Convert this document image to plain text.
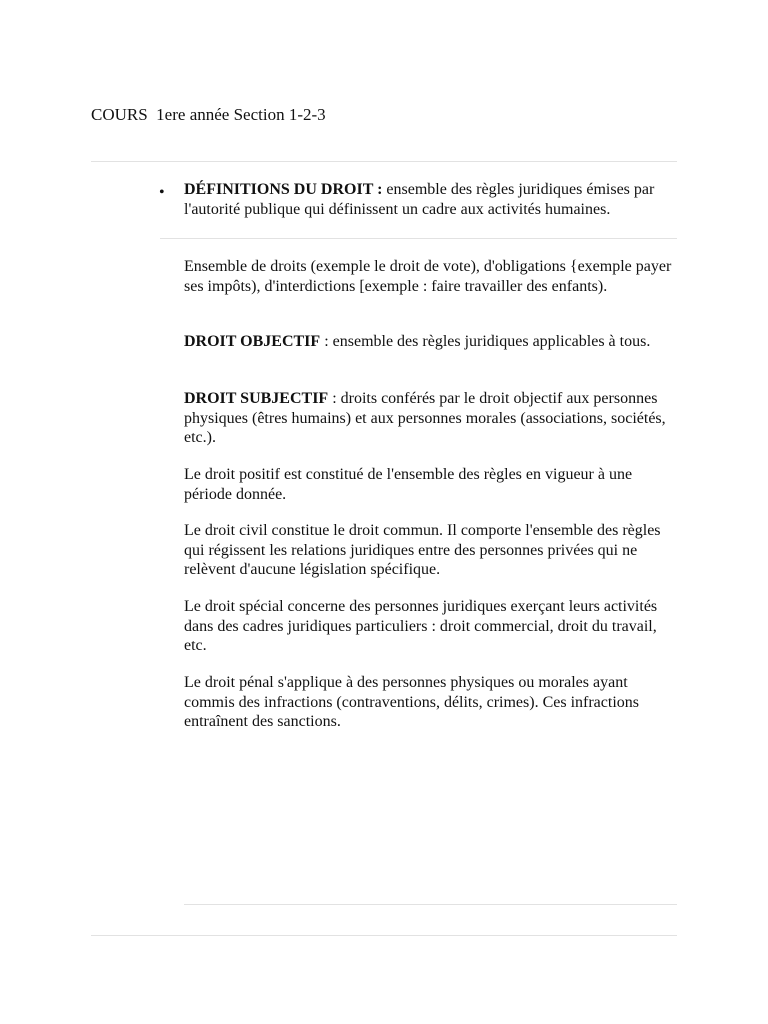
COURS  1ere année Section 1-2-3
• DÉFINITIONS DU DROIT : ensemble des règles juridiques émises par l'autorité publique qui définissent un cadre aux activités humaines.

Ensemble de droits (exemple le droit de vote), d'obligations {exemple payer ses impôts), d'interdictions [exemple : faire travailler des enfants).

DROIT OBJECTIF : ensemble des règles juridiques applicables à tous.

DROIT SUBJECTIF : droits conférés par le droit objectif aux personnes physiques (êtres humains) et aux personnes morales (associations, sociétés, etc.).

Le droit positif est constitué de l'ensemble des règles en vigueur à une période donnée.

Le droit civil constitue le droit commun. Il comporte l'ensemble des règles qui régissent les relations juridiques entre des personnes privées qui ne relèvent d'aucune législation spécifique.

Le droit spécial concerne des personnes juridiques exerçant leurs activités dans des cadres juridiques particuliers : droit commercial, droit du travail, etc.

Le droit pénal s'applique à des personnes physiques ou morales ayant commis des infractions (contraventions, délits, crimes). Ces infractions entraînent des sanctions.
